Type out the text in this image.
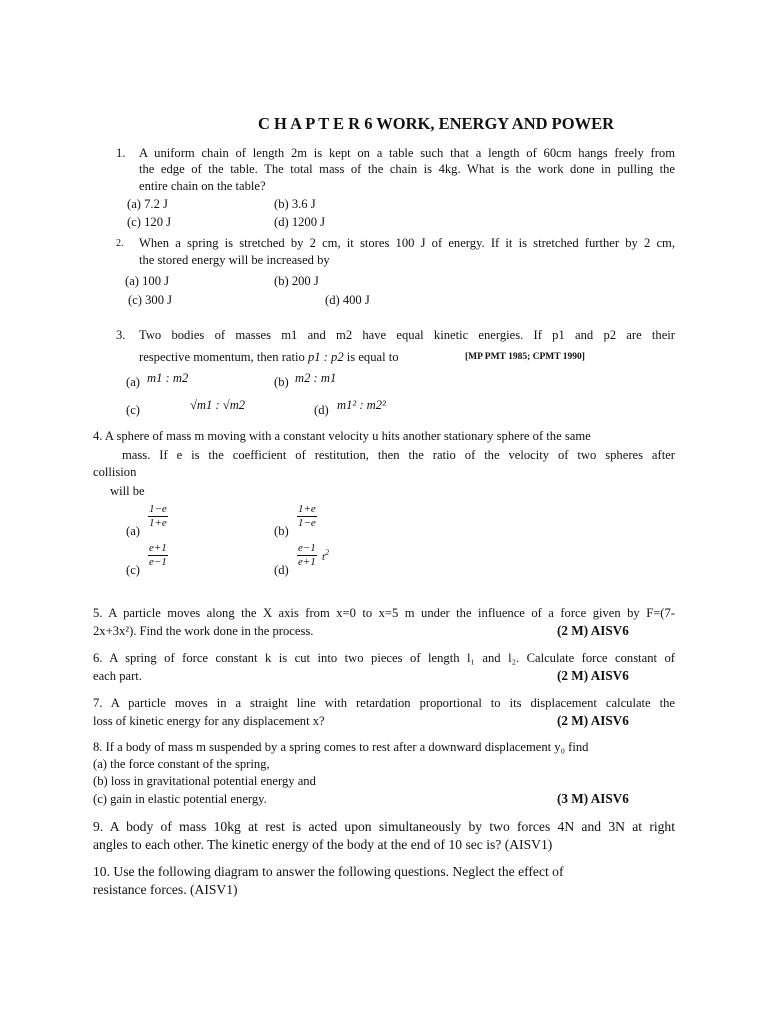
C H A P T E R 6 WORK, ENERGY AND POWER
1. A uniform chain of length 2m is kept on a table such that a length of 60cm hangs freely from
the edge of the table. The total mass of the chain is 4kg. What is the work done in pulling the
entire chain on the table?
(a) 7.2 J	(b) 3.6 J
(c) 120 J	(d) 1200 J
2. When a spring is stretched by 2 cm, it stores 100 J of energy. If it is stretched further by 2 cm,
the stored energy will be increased by
(a) 100 J	(b) 200 J
(c) 300 J	(d) 400 J
3. Two bodies of masses m1 and m2 have equal kinetic energies. If p1 and p2 are their
respective momentum, then ratio p1 : p2 is equal to	[MP PMT 1985; CPMT 1990]
(a) m1 : m2	(b) m2 : m1
(c)	√m1 : √m2	(d) m1² : m2²
4. A sphere of mass m moving with a constant velocity u hits another stationary sphere of the same
mass. If e is the coefficient of restitution, then the ratio of the velocity of two spheres after
collision
will be
(a)
$\frac{1-e}{1+e}$
(b)
$\frac{1+e}{1-e}$
(c)
$\frac{e+1}{e-1}$
(d)
$\frac{e-1}{e+1} t^2$
5. A particle moves along the X axis from x=0 to x=5 m under the influence of a force given by F=(7-
2x+3x²). Find the work done in the process.	(2 M) AISV6
6. A spring of force constant k is cut into two pieces of length l₁ and l₂. Calculate force constant of
each part.	(2 M) AISV6
7. A particle moves in a straight line with retardation proportional to its displacement calculate the
loss of kinetic energy for any displacement x?	(2 M) AISV6
8. If a body of mass m suspended by a spring comes to rest after a downward displacement y₀ find
(a) the force constant of the spring,
(b) loss in gravitational potential energy and
(c) gain in elastic potential energy.	(3 M) AISV6
9. A body of mass 10kg at rest is acted upon simultaneously by two forces 4N and 3N at right
angles to each other. The kinetic energy of the body at the end of 10 sec is? (AISV1)
10. Use the following diagram to answer the following questions. Neglect the effect of
resistance forces. (AISV1)
